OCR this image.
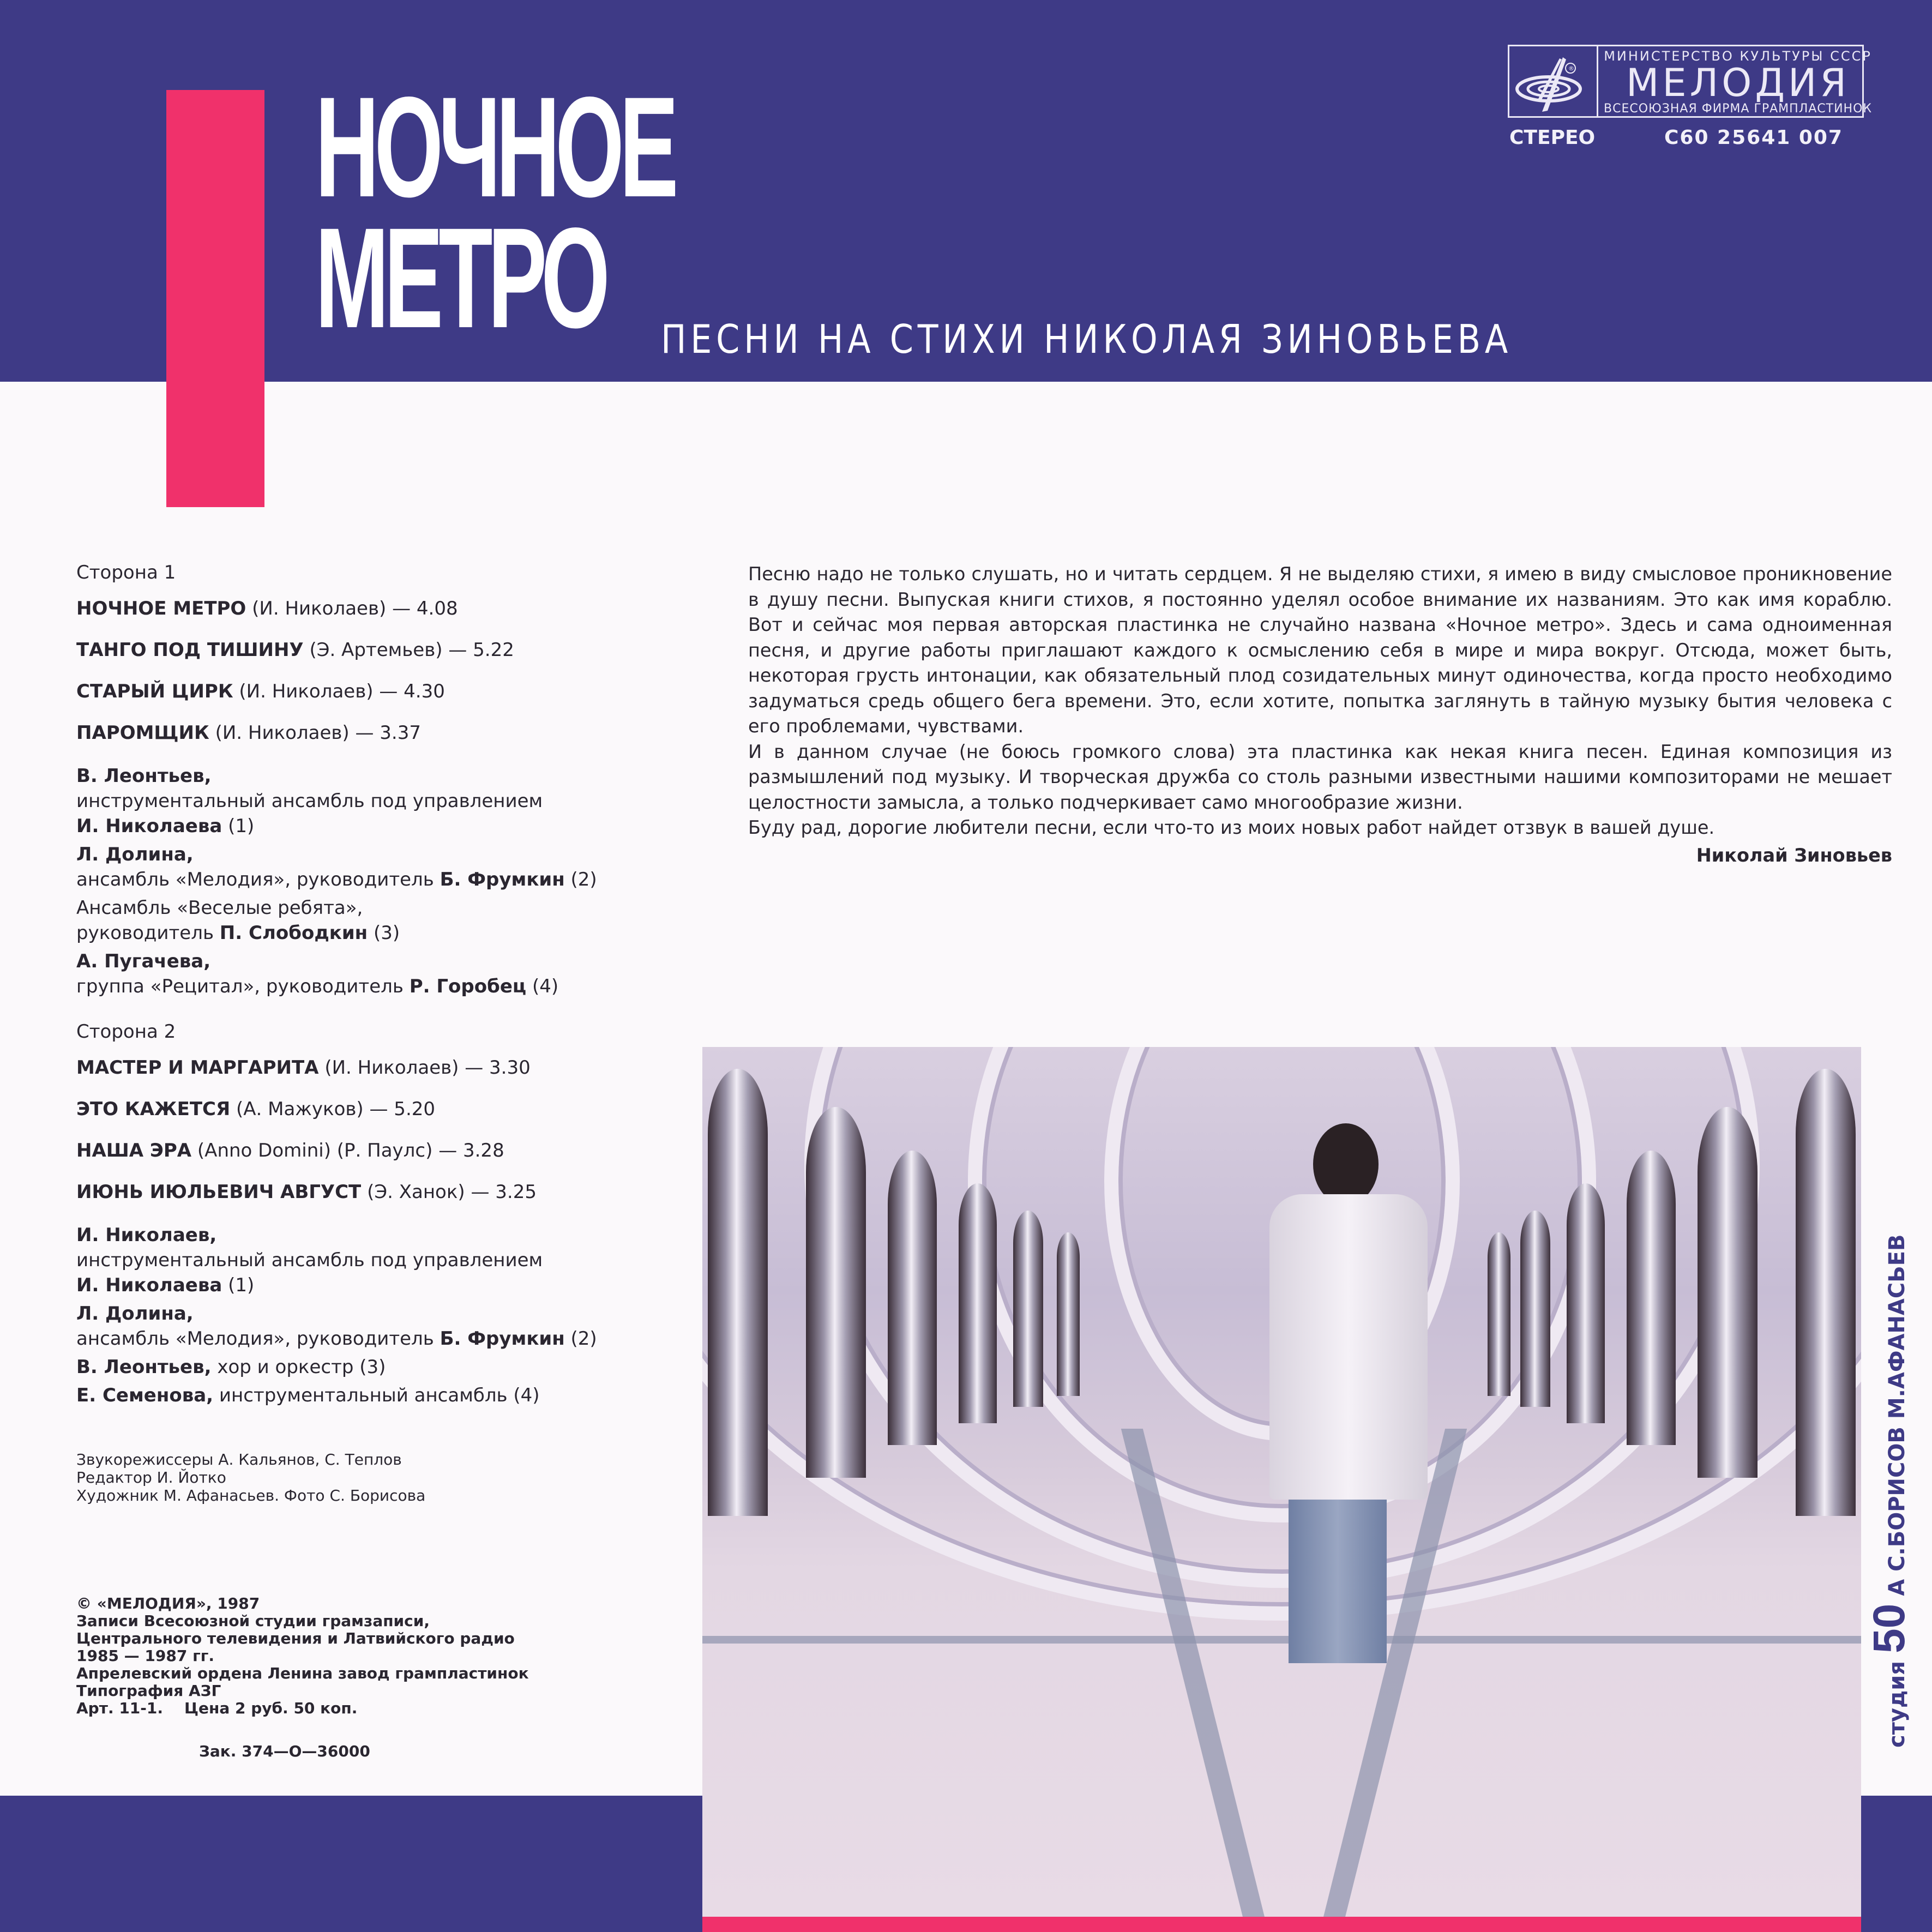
НОЧНОЕ
МЕТРО	ПЕСНИ НА СТИХИ НИКОЛАЯ ЗИНОВЬЕВА
®
МИНИСТЕРСТВО КУЛЬТУРЫ СССР
МЕЛОДИЯ
ВСЕСОЮЗНАЯ ФИРМА ГРАМПЛАСТИНОК
СТЕРЕО	С60 25641 007
Сторона 1
НОЧНОЕ МЕТРО (И. Николаев) — 4.08
ТАНГО ПОД ТИШИНУ (Э. Артемьев) — 5.22
СТАРЫЙ ЦИРК (И. Николаев) — 4.30
ПАРОМЩИК (И. Николаев) — 3.37
В. Леонтьев,
инструментальный ансамбль под управлением
И. Николаева (1)
Л. Долина,
ансамбль «Мелодия», руководитель Б. Фрумкин (2)
Ансамбль «Веселые ребята»,
руководитель П. Слободкин (3)
А. Пугачева,
группа «Рецитал», руководитель Р. Горобец (4)
Сторона 2
МАСТЕР И МАРГАРИТА (И. Николаев) — 3.30
ЭТО КАЖЕТСЯ (А. Мажуков) — 5.20
НАША ЭРА (Anno Domini) (Р. Паулс) — 3.28
ИЮНЬ ИЮЛЬЕВИЧ АВГУСТ (Э. Ханок) — 3.25
И. Николаев,
инструментальный ансамбль под управлением
И. Николаева (1)
Л. Долина,
ансамбль «Мелодия», руководитель Б. Фрумкин (2)
В. Леонтьев, хор и оркестр (3)
Е. Семенова, инструментальный ансамбль (4)
Звукорежиссеры А. Кальянов, С. Теплов
Редактор И. Йотко
Художник М. Афанасьев. Фото С. Борисова
© «МЕЛОДИЯ», 1987
Записи Всесоюзной студии грамзаписи,
Центрального телевидения и Латвийского радио
1985 — 1987 гг.
Апрелевский ордена Ленина завод грампластинок
Типография АЗГ
Арт. 11-1.    Цена 2 руб. 50 коп.
Зак. 374—О—36000

Песню надо не только слушать, но и читать сердцем. Я не выделяю стихи, я имею в виду смысловое проникновение в душу песни. Выпуская книги стихов, я постоянно уделял особое внимание их названиям. Это как имя кораблю. Вот и сейчас моя первая авторская пластинка не случайно названа «Ночное метро». Здесь и сама одноименная песня, и другие работы приглашают каждого к осмыслению себя в мире и мира вокруг. Отсюда, может быть, некоторая грусть интонации, как обязательный плод созидательных минут одиночества, когда просто необходимо задуматься средь общего бега времени. Это, если хотите, попытка заглянуть в тайную музыку бытия человека с его проблемами, чувствами.

И в данном случае (не боюсь громкого слова) эта пластинка как некая книга песен. Единая композиция из размышлений под музыку. И творческая дружба со столь разными известными нашими композиторами не мешает целостности замысла, а только подчеркивает само многообразие жизни.

Буду рад, дорогие любители песни, если что-то из моих новых работ найдет отзвук в вашей душе.

Николай Зиновьев
студия
50
А
С.БОРИСОВ
М.АФАНАСЬЕВ
